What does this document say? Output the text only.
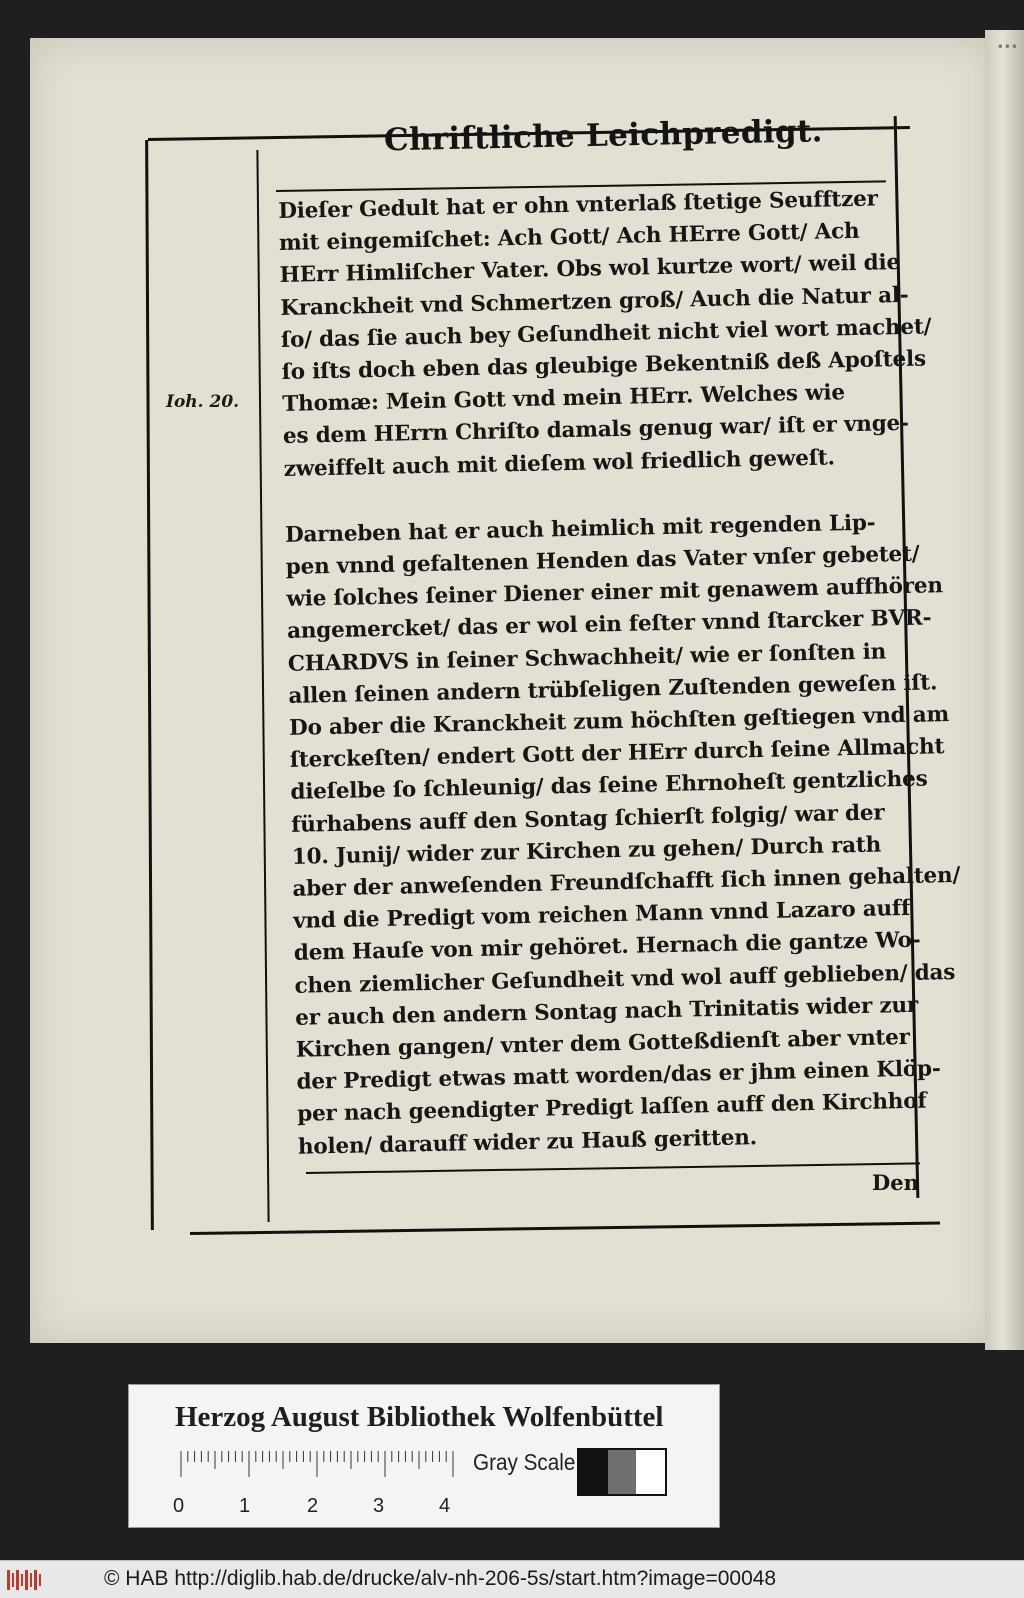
•••
Chriſtliche Leichpredigt.
Ioh. 20.
Dieſer Gedult hat er ohn vnterlaß ſtetige Seufftzer
mit eingemiſchet: Ach Gott/ Ach HErre Gott/ Ach
HErr Himliſcher Vater. Obs wol kurtze wort/ weil die
Kranckheit vnd Schmertzen groß/ Auch die Natur al-
ſo/ das ſie auch bey Geſundheit nicht viel wort machet/
ſo iſts doch eben das gleubige Bekentniß deß Apoſtels
Thomæ: Mein Gott vnd mein HErr. Welches wie
es dem HErrn Chriſto damals genug war/ iſt er vnge-
zweiffelt auch mit dieſem wol friedlich geweſt.
Darneben hat er auch heimlich mit regenden Lip-
pen vnnd gefaltenen Henden das Vater vnſer gebetet/
wie ſolches ſeiner Diener einer mit genawem auffhören
angemercket/ das er wol ein feſter vnnd ſtarcker BVR-
CHARDVS in ſeiner Schwachheit/ wie er ſonſten in
allen ſeinen andern trübſeligen Zuſtenden geweſen iſt.
Do aber die Kranckheit zum höchſten geſtiegen vnd am
ſterckeſten/ endert Gott der HErr durch ſeine Allmacht
dieſelbe ſo ſchleunig/ das ſeine Ehrnoheſt gentzliches
fürhabens auff den Sontag ſchierſt folgig/ war der
10. Junij/ wider zur Kirchen zu gehen/ Durch rath
aber der anweſenden Freundſchafft ſich innen gehalten/
vnd die Predigt vom reichen Mann vnnd Lazaro auff
dem Hauſe von mir gehöret. Hernach die gantze Wo-
chen ziemlicher Geſundheit vnd wol auff geblieben/ das
er auch den andern Sontag nach Trinitatis wider zur
Kirchen gangen/ vnter dem Gotteßdienſt aber vnter
der Predigt etwas matt worden/das er jhm einen Klöp-
per nach geendigter Predigt laſſen auff den Kirchhof
holen/ darauff wider zu Hauß geritten.
Den
Herzog August Bibliothek Wolfenbüttel
Gray Scale
0	1	2	3	4
© HAB http://diglib.hab.de/drucke/alv-nh-206-5s/start.htm?image=00048
